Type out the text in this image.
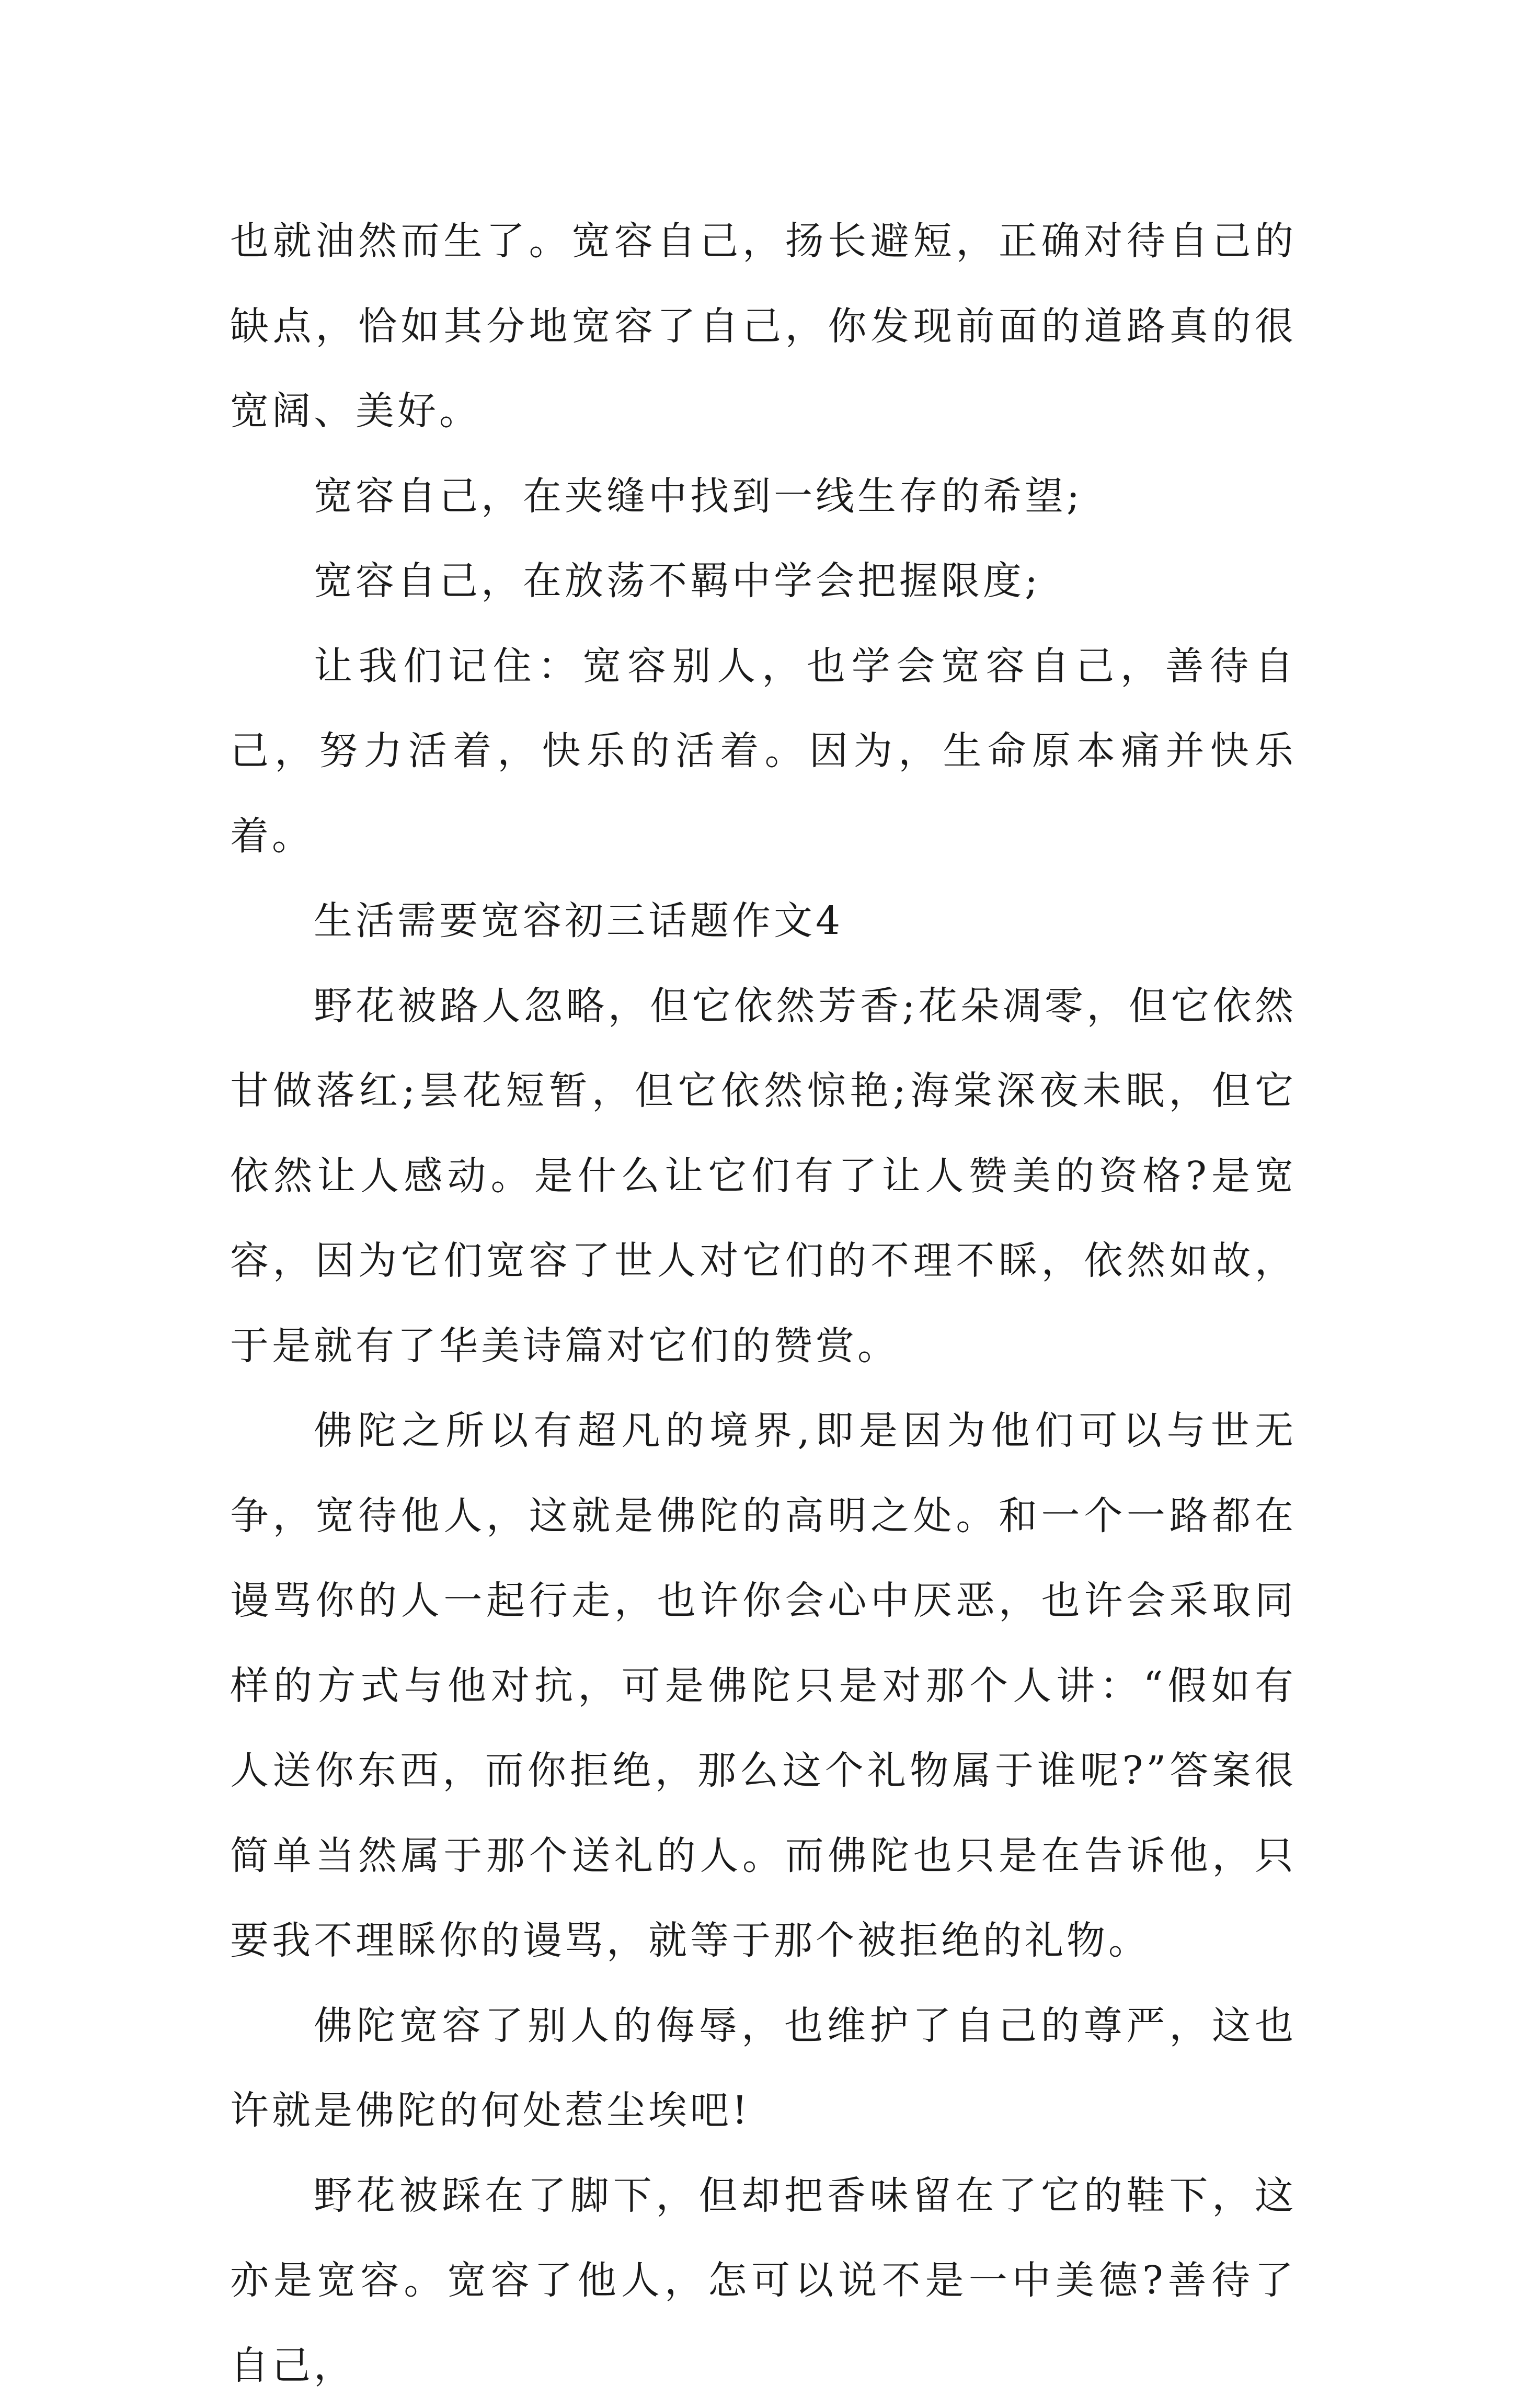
也就油然而生了。宽容自己，扬长避短，正确对待自己的缺点，恰如其分地宽容了自己，你发现前面的道路真的很宽阔、美好。

宽容自己，在夹缝中找到一线生存的希望;

宽容自己，在放荡不羁中学会把握限度;

让我们记住：宽容别人，也学会宽容自己，善待自己，努力活着，快乐的活着。因为，生命原本痛并快乐着。

生活需要宽容初三话题作文4

野花被路人忽略，但它依然芳香;花朵凋零，但它依然甘做落红;昙花短暂，但它依然惊艳;海棠深夜未眠，但它依然让人感动。是什么让它们有了让人赞美的资格?是宽容，因为它们宽容了世人对它们的不理不睬，依然如故，于是就有了华美诗篇对它们的赞赏。

佛陀之所以有超凡的境界,即是因为他们可以与世无争，宽待他人，这就是佛陀的高明之处。和一个一路都在谩骂你的人一起行走，也许你会心中厌恶，也许会采取同样的方式与他对抗，可是佛陀只是对那个人讲：“假如有人送你东西，而你拒绝，那么这个礼物属于谁呢?”答案很简单当然属于那个送礼的人。而佛陀也只是在告诉他，只要我不理睬你的谩骂，就等于那个被拒绝的礼物。

佛陀宽容了别人的侮辱，也维护了自己的尊严，这也许就是佛陀的何处惹尘埃吧!

野花被踩在了脚下，但却把香味留在了它的鞋下，这亦是宽容。宽容了他人，怎可以说不是一中美德?善待了自己，
